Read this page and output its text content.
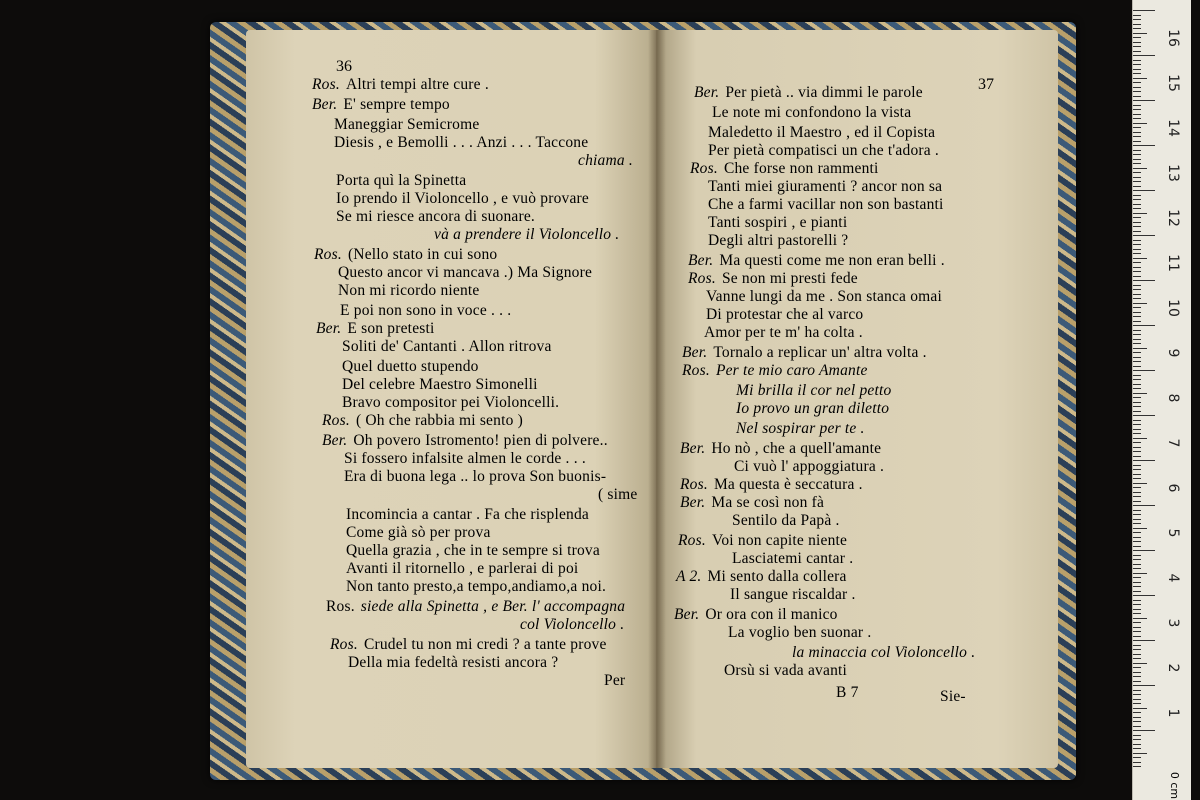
36
Ros. Altri tempi altre cure .
Ber. E' sempre tempo
Maneggiar Semicrome
Diesis , e Bemolli . . . Anzi . . . Taccone
chiama .
Porta quì la Spinetta
Io prendo il Violoncello , e vuò provare
Se mi riesce ancora di suonare.
và a prendere il Violoncello .
Ros. (Nello stato in cui sono
Questo ancor vi mancava .) Ma Signore
Non mi ricordo niente
E poi non sono in voce . . .
Ber. E son pretesti
Soliti de' Cantanti . Allon ritrova
Quel duetto stupendo
Del celebre Maestro Simonelli
Bravo compositor pei Violoncelli.
Ros. ( Oh che rabbia mi sento )
Ber. Oh povero Istromento! pien di polvere..
Si fossero infalsite almen le corde . . .
Era di buona lega .. lo prova Son buonis-
( sime
Incomincia a cantar . Fa che risplenda
Come già sò per prova
Quella grazia , che in te sempre si trova
Avanti il ritornello , e parlerai di poi
Non tanto presto,a tempo,andiamo,a noi.
Ros. siede alla Spinetta , e Ber. l' accompagna
col Violoncello .
Ros. Crudel tu non mi credi ? a tante prove
Della mia fedeltà resisti ancora ?
Per
37
Ber. Per pietà .. via dimmi le parole
Le note mi confondono la vista
Maledetto il Maestro , ed il Copista
Per pietà compatisci un che t'adora .
Ros. Che forse non rammenti
Tanti miei giuramenti ? ancor non sa
Che a farmi vacillar non son bastanti
Tanti sospiri , e pianti
Degli altri pastorelli ?
Ber. Ma questi come me non eran belli .
Ros. Se non mi presti fede
Vanne lungi da me . Son stanca omai
Di protestar che al varco
Amor per te m' ha colta .
Ber. Tornalo a replicar un' altra volta .
Ros. Per te mio caro Amante
Mi brilla il cor nel petto
Io provo un gran diletto
Nel sospirar per te .
Ber. Ho nò , che a quell'amante
Ci vuò l' appoggiatura .
Ros. Ma questa è seccatura .
Ber. Ma se così non fà
Sentilo da Papà .
Ros. Voi non capite niente
Lasciatemi cantar .
A 2. Mi sento dalla collera
Il sangue riscaldar .
Ber. Or ora con il manico
La voglio ben suonar .
la minaccia col Violoncello .
Orsù si vada avanti
B 7	Sie-
16
15
14
13
12
11
10
9
8
7
6
5
4
3
2
1
0 cm
